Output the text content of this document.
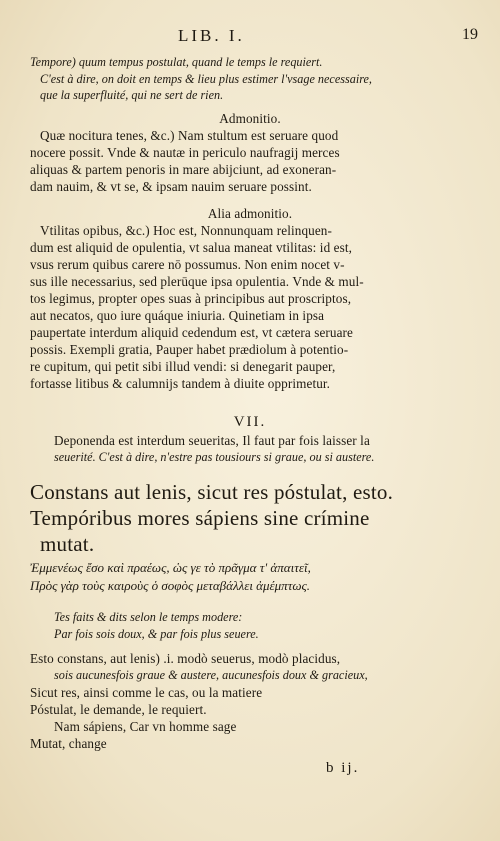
LIB. I.	19
Tempore) quum tempus postulat, quand le temps le requiert.
C'est à dire, on doit en temps & lieu plus estimer l'vsage necessaire,
que la superfluité, qui ne sert de rien.
Admonitio.
Quæ nocitura tenes, &c.) Nam stultum est seruare quod
nocere possit. Vnde & nautæ in periculo naufragij merces
aliquas & partem penoris in mare abijciunt, ad exoneran-
dam nauim, & vt se, & ipsam nauim seruare possint.
Alia admonitio.
Vtilitas opibus, &c.) Hoc est, Nonnunquam relinquen-
dum est aliquid de opulentia, vt salua maneat vtilitas: id est,
vsus rerum quibus carere nō possumus. Non enim nocet v-
sus ille necessarius, sed plerūque ipsa opulentia. Vnde & mul-
tos legimus, propter opes suas à principibus aut proscriptos,
aut necatos, quo iure quáque iniuria. Quinetiam in ipsa
paupertate interdum aliquid cedendum est, vt cætera seruare
possis. Exempli gratia, Pauper habet prædiolum à potentio-
re cupitum, qui petit sibi illud vendi: si denegarit pauper,
fortasse litibus & calumnijs tandem à diuite opprimetur.
VII.
Deponenda est interdum seueritas, Il faut par fois laisser la
seuerité. C'est à dire, n'estre pas tousiours si graue, ou si austere.
Constans aut lenis, sicut res póstulat, esto.
Tempóribus mores sápiens sine crímine
mutat.
Ἐμμενέως ἔσο καὶ πραέως, ὡς γε τὸ πρᾶγμα τ' ἀπαιτεῖ,
Πρὸς γὰρ τοὺς καιροὺς ὁ σοφὸς μεταβάλλει ἀμέμπτως.
Tes faits & dits selon le temps modere:
Par fois sois doux, & par fois plus seuere.
Esto constans, aut lenis) .i. modò seuerus, modò placidus,
sois aucunesfois graue & austere, aucunesfois doux & gracieux,
Sicut res, ainsi comme le cas, ou la matiere
Póstulat, le demande, le requiert.
Nam sápiens, Car vn homme sage
Mutat, change
b ij.
